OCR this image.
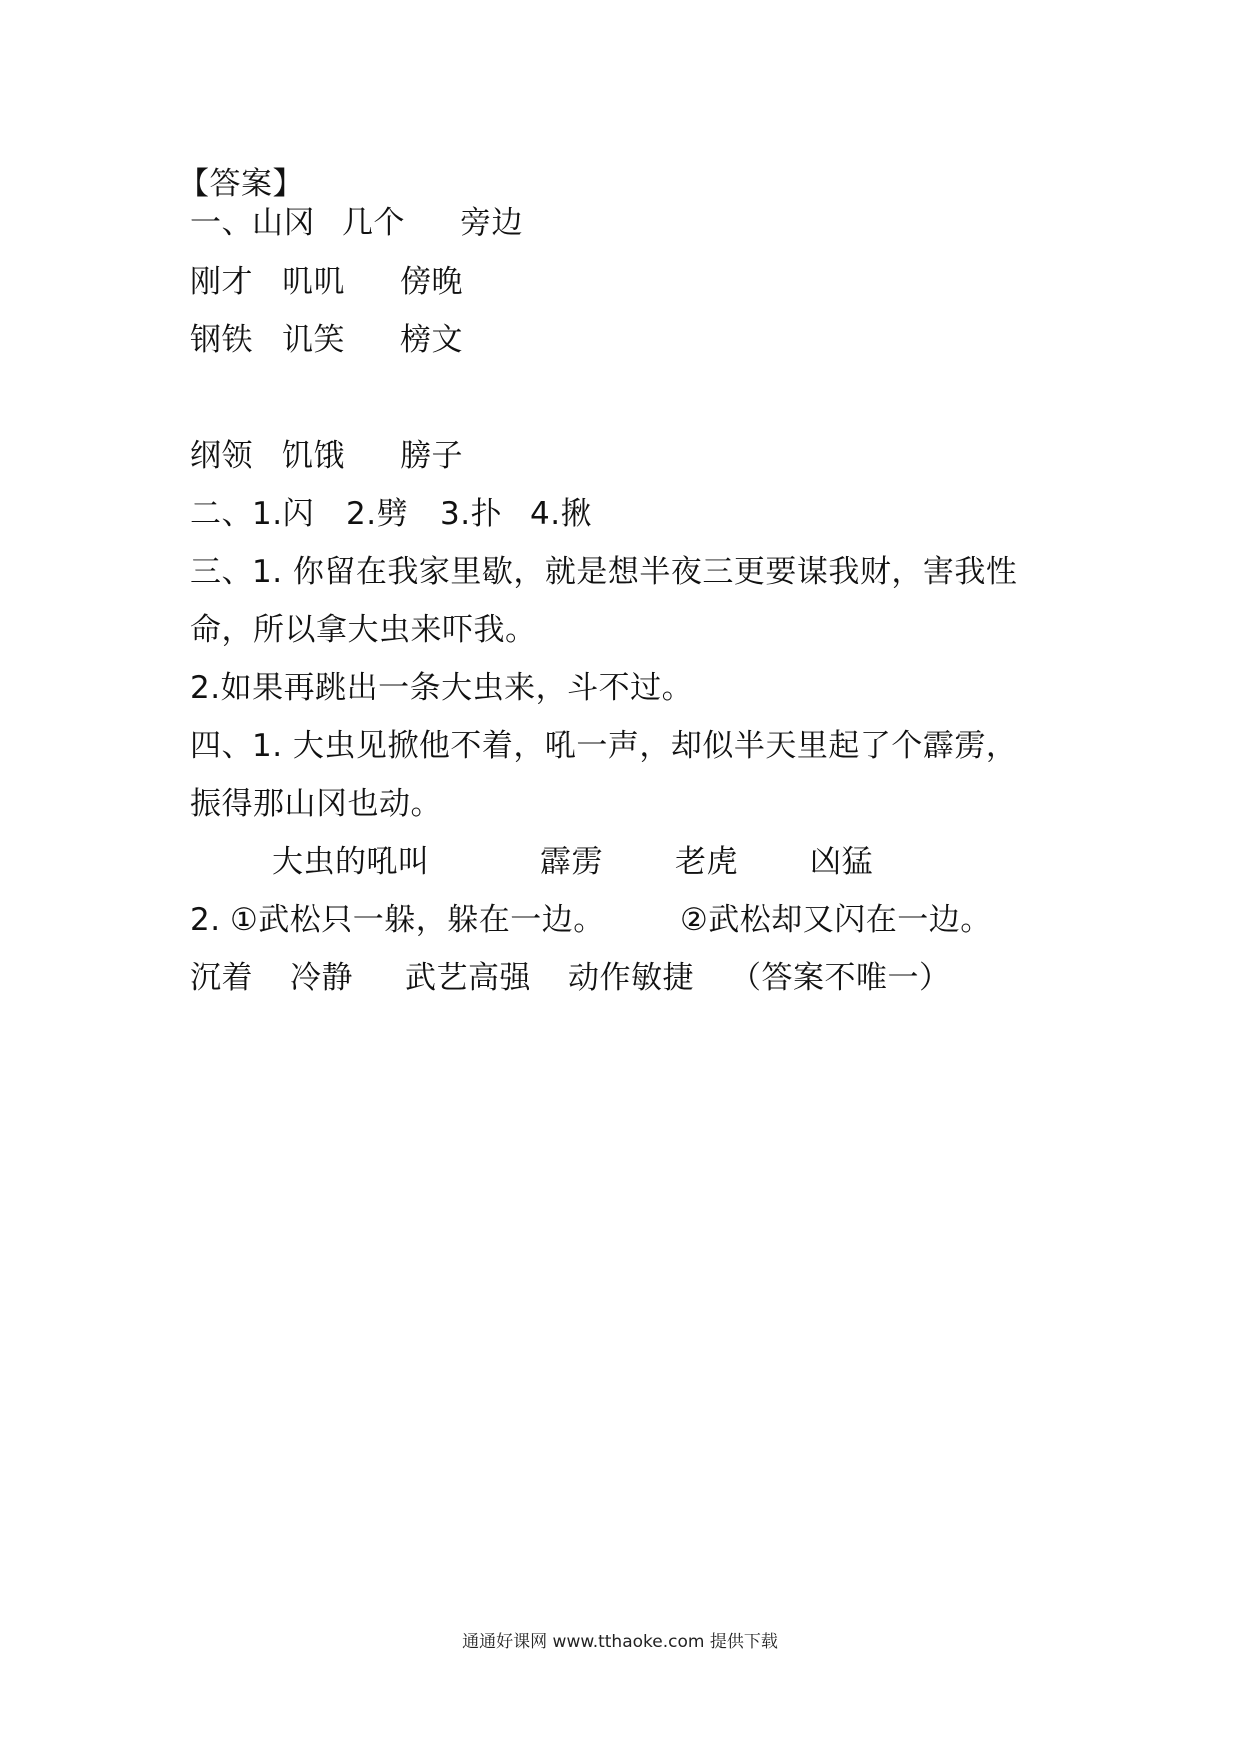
【答案】
一、 山冈 几个 旁边
刚才 叽叽 傍晚
钢铁 讥笑 榜文
纲领 饥饿 膀子
二、 1.闪 2.劈 3.扑 4.揪
三、 1. 你留在我家里歇，就是想半夜三更要谋我财，害我性
命，所以拿大虫来吓我。
2.如果再跳出一条大虫来，斗不过。
四、 1. 大虫见掀他不着，吼一声，却似半天里起了个霹雳，
振得那山冈也动。
大虫的吼叫	霹雳 老虎 凶猛
2. ①武松只一躲，躲在一边。 ②武松却又闪在一边。
沉着 冷静 武艺高强 动作敏捷 （答案不唯一）
通通好课网 www.tthaoke.com 提供下载
